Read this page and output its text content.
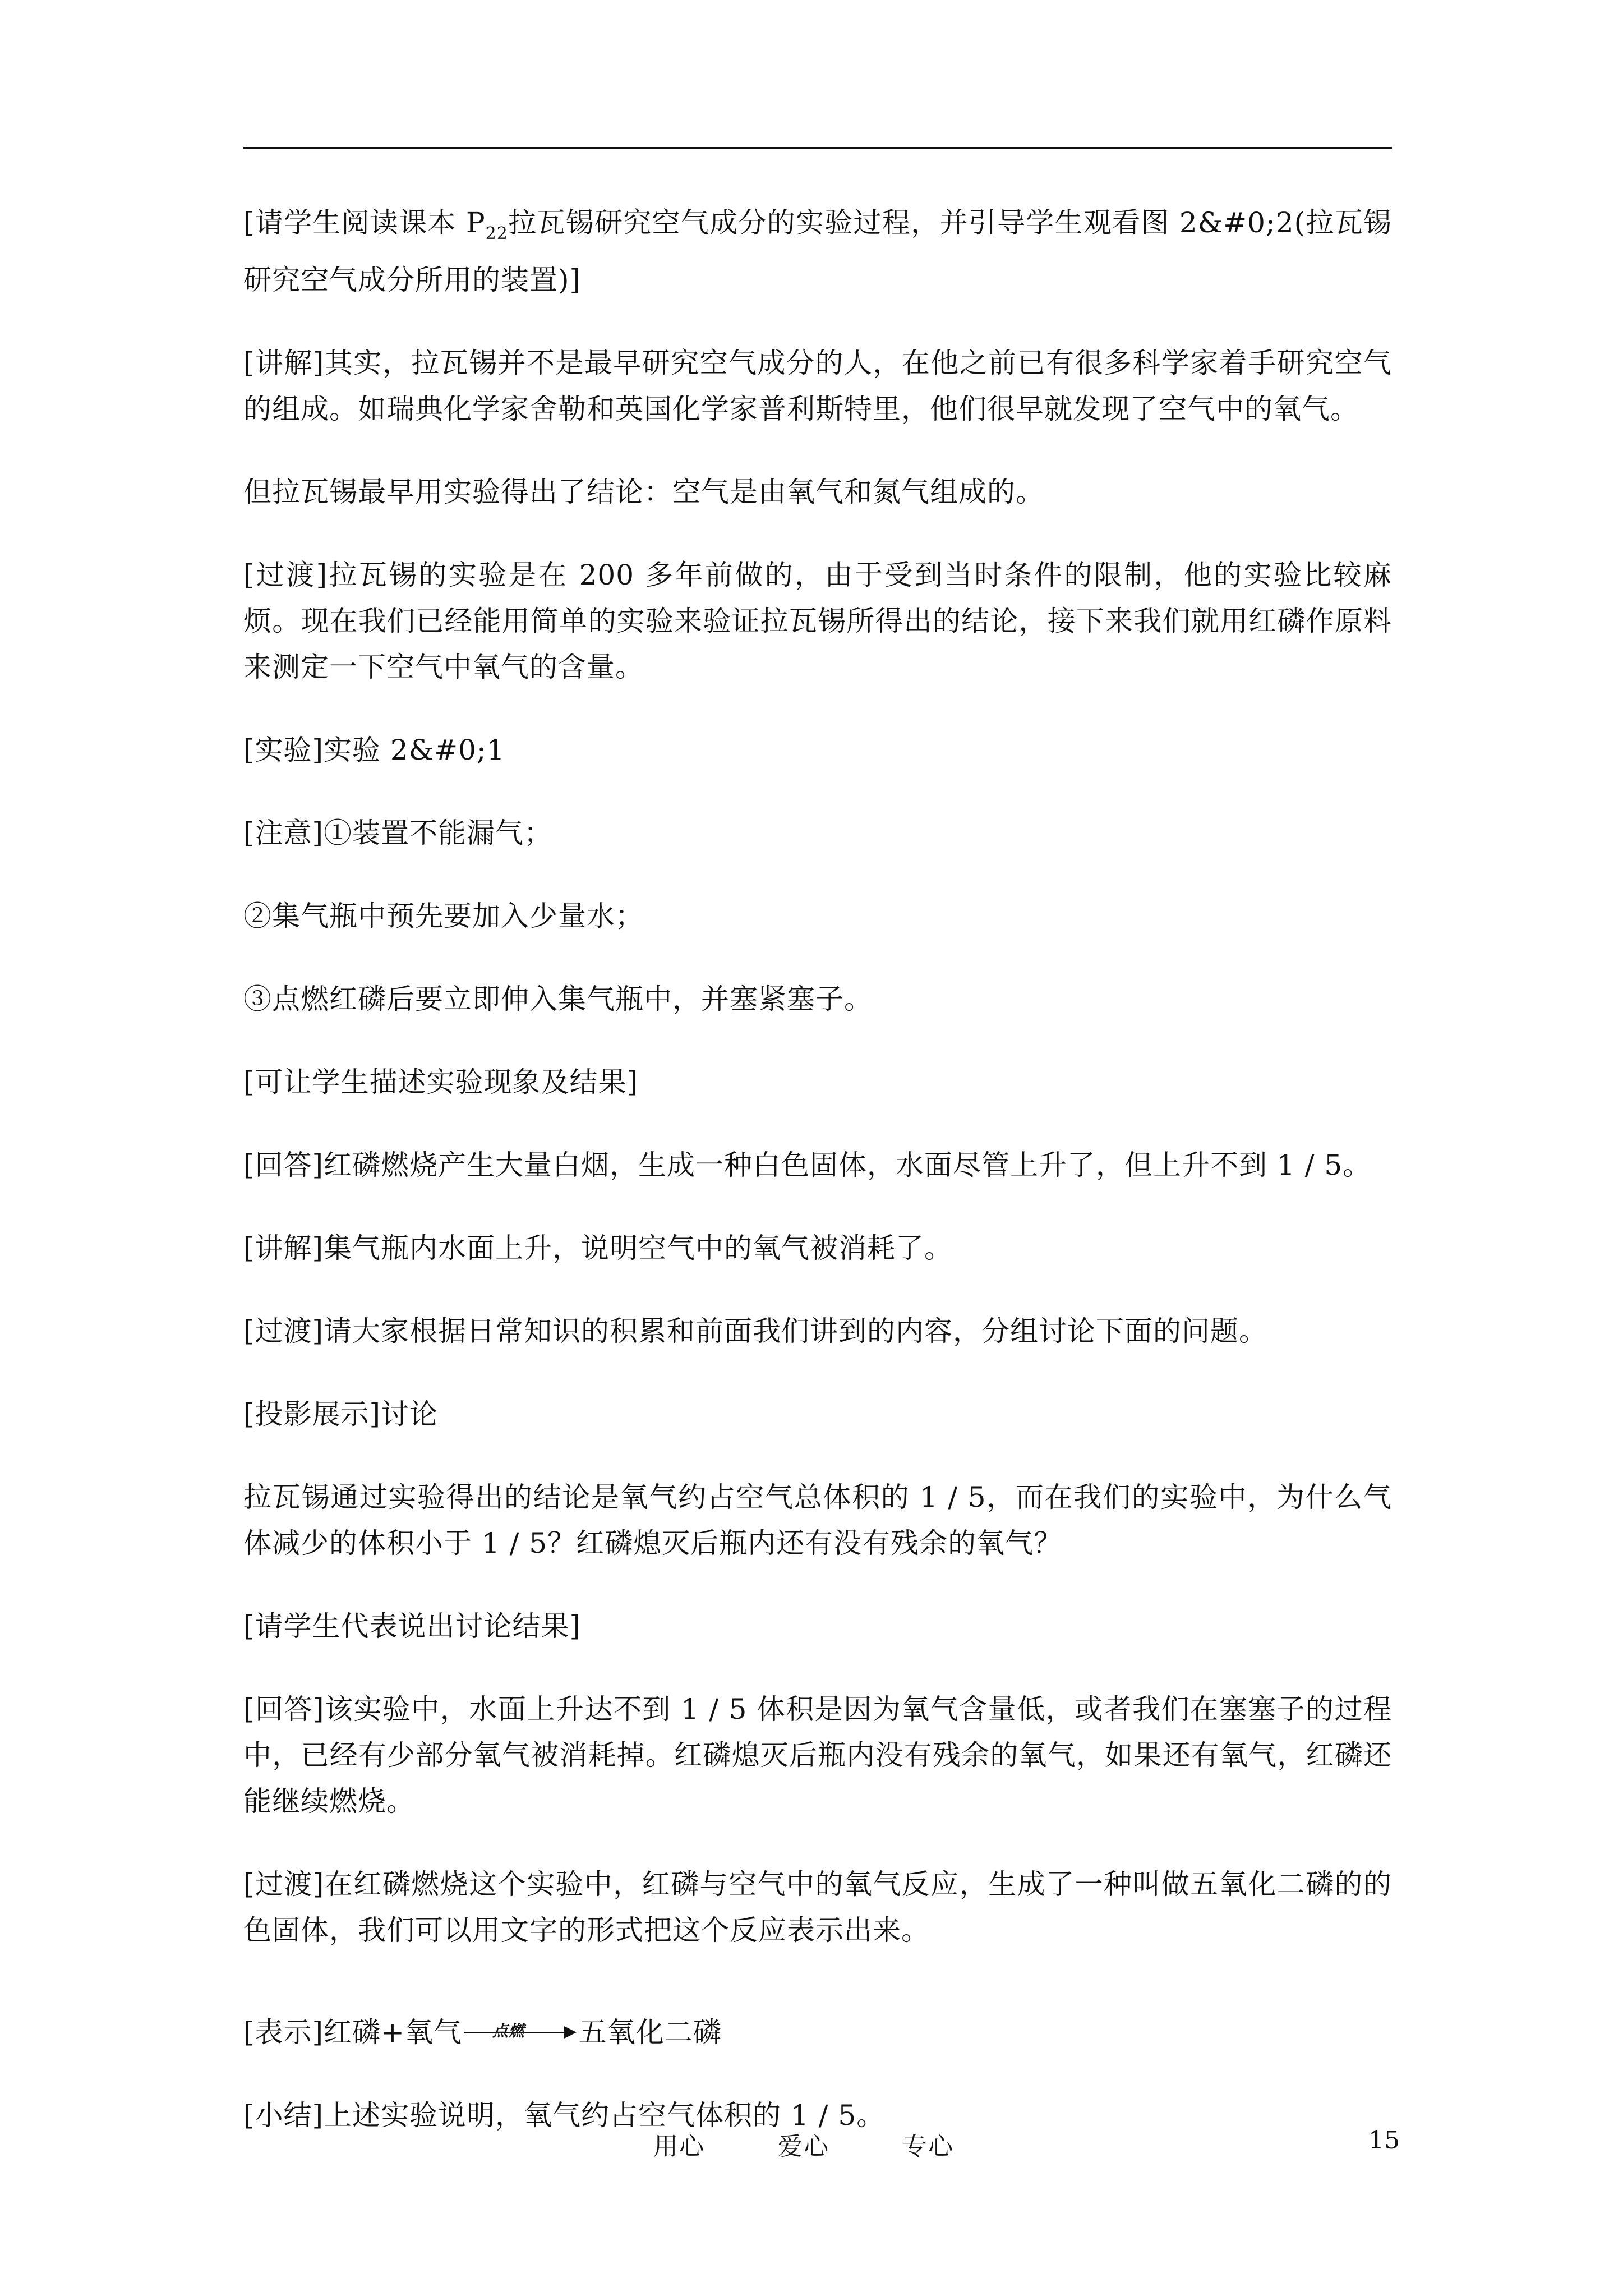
[请学生阅读课本 $P_{22}$拉瓦锡研究空气成分的实验过程，并引导学生观看图 2&#0;2(拉瓦锡研究空气成分所用的装置)]

[讲解]其实，拉瓦锡并不是最早研究空气成分的人，在他之前已有很多科学家着手研究空气的组成。如瑞典化学家舍勒和英国化学家普利斯特里，他们很早就发现了空气中的氧气。

但拉瓦锡最早用实验得出了结论：空气是由氧气和氮气组成的。

[过渡]拉瓦锡的实验是在 200 多年前做的，由于受到当时条件的限制，他的实验比较麻烦。现在我们已经能用简单的实验来验证拉瓦锡所得出的结论，接下来我们就用红磷作原料来测定一下空气中氧气的含量。

[实验]实验 2&#0;1

[注意]①装置不能漏气；

②集气瓶中预先要加入少量水；

③点燃红磷后要立即伸入集气瓶中，并塞紧塞子。

[可让学生描述实验现象及结果]

[回答]红磷燃烧产生大量白烟，生成一种白色固体，水面尽管上升了，但上升不到 1 / 5。

[讲解]集气瓶内水面上升，说明空气中的氧气被消耗了。

[过渡]请大家根据日常知识的积累和前面我们讲到的内容，分组讨论下面的问题。

[投影展示]讨论

拉瓦锡通过实验得出的结论是氧气约占空气总体积的 1 / 5，而在我们的实验中，为什么气体减少的体积小于 1 / 5？红磷熄灭后瓶内还有没有残余的氧气？

[请学生代表说出讨论结果]

[回答]该实验中，水面上升达不到 1 / 5 体积是因为氧气含量低，或者我们在塞塞子的过程中，已经有少部分氧气被消耗掉。红磷熄灭后瓶内没有残余的氧气，如果还有氧气，红磷还能继续燃烧。

[过渡]在红磷燃烧这个实验中，红磷与空气中的氧气反应，生成了一种叫做五氧化二磷的的色固体，我们可以用文字的形式把这个反应表示出来。

[表示]红磷+氧气 点燃 五氧化二磷

[小结]上述实验说明，氧气约占空气体积的 1 / 5。

用心	爱心	专心	15
